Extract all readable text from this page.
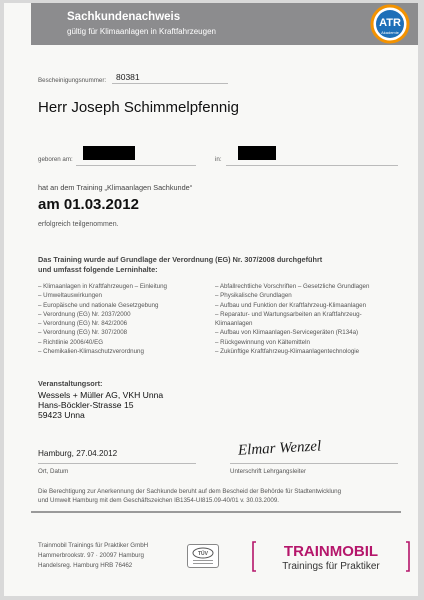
Sachkundenachweis
gültig für Klimaanlagen in Kraftfahrzeugen
ATR
Akademie
Bescheinigungsnummer: 80381
Herr Joseph Schimmelpfennig
geboren am:	in:
hat an dem Training „Klimaanlagen Sachkunde“
am 01.03.2012
erfolgreich teilgenommen.
Das Training wurde auf Grundlage der Verordnung (EG) Nr. 307/2008 durchgeführt
und umfasst folgende Lerninhalte:
– Klimaanlagen in Kraftfahrzeugen – Einleitung
– Umweltauswirkungen
– Europäische und nationale Gesetzgebung
– Verordnung (EG) Nr. 2037/2000
– Verordnung (EG) Nr. 842/2006
– Verordnung (EG) Nr. 307/2008
– Richtlinie 2006/40/EG
– Chemikalien-Klimaschutzverordnung
– Abfallrechtliche Vorschriften – Gesetzliche Grundlagen
– Physikalische Grundlagen
– Aufbau und Funktion der Kraftfahrzeug-Klimaanlagen
– Reparatur- und Wartungsarbeiten an Kraftfahrzeug-
Klimaanlagen
– Aufbau von Klimaanlagen-Servicegeräten (R134a)
– Rückgewinnung von Kältemitteln
– Zukünftige Kraftfahrzeug-Klimaanlagentechnologie
Veranstaltungsort:
Wessels + Müller AG, VKH Unna
Hans-Böckler-Strasse 15
59423 Unna
Hamburg, 27.04.2012
Ort, Datum
Elmar Wenzel
Unterschrift Lehrgangsleiter
Die Berechtigung zur Anerkennung der Sachkunde beruht auf dem Bescheid der Behörde für Stadtentwicklung
und Umwelt Hamburg mit dem Geschäftszeichen IB1354-UI815.09-40/01 v. 30.03.2009.
Trainmobil Trainings für Praktiker GmbH
Hammerbrookstr. 97 · 20097 Hamburg
Handelsreg. Hamburg HRB 76462
TÜV	TRAINMOBIL
Trainings für Praktiker
